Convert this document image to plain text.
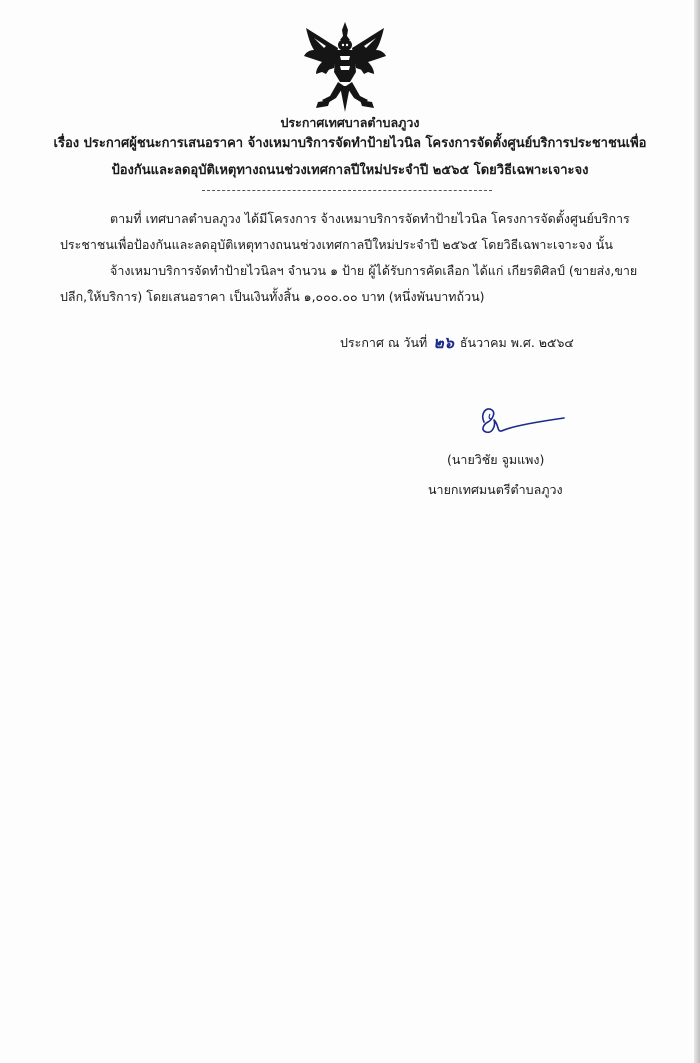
ประกาศเทศบาลตำบลภูวง
เรื่อง ประกาศผู้ชนะการเสนอราคา จ้างเหมาบริการจัดทำป้ายไวนิล โครงการจัดตั้งศูนย์บริการประชาชนเพื่อ
ป้องกันและลดอุบัติเหตุทางถนนช่วงเทศกาลปีใหม่ประจำปี ๒๕๖๕ โดยวิธีเฉพาะเจาะจง
ตามที่ เทศบาลตำบลภูวง ได้มีโครงการ จ้างเหมาบริการจัดทำป้ายไวนิล โครงการจัดตั้งศูนย์บริการ
ประชาชนเพื่อป้องกันและลดอุบัติเหตุทางถนนช่วงเทศกาลปีใหม่ประจำปี ๒๕๖๕ โดยวิธีเฉพาะเจาะจง นั้น
จ้างเหมาบริการจัดทำป้ายไวนิลฯ จำนวน ๑ ป้าย ผู้ได้รับการคัดเลือก ได้แก่ เกียรติศิลป์ (ขายส่ง,ขาย
ปลีก,ให้บริการ) โดยเสนอราคา เป็นเงินทั้งสิ้น ๑,๐๐๐.๐๐ บาท (หนึ่งพันบาทถ้วน)
ประกาศ ณ วันที่ ๒๖ ธันวาคม พ.ศ. ๒๕๖๔
(นายวิชัย จูมแพง)
นายกเทศมนตรีตำบลภูวง
